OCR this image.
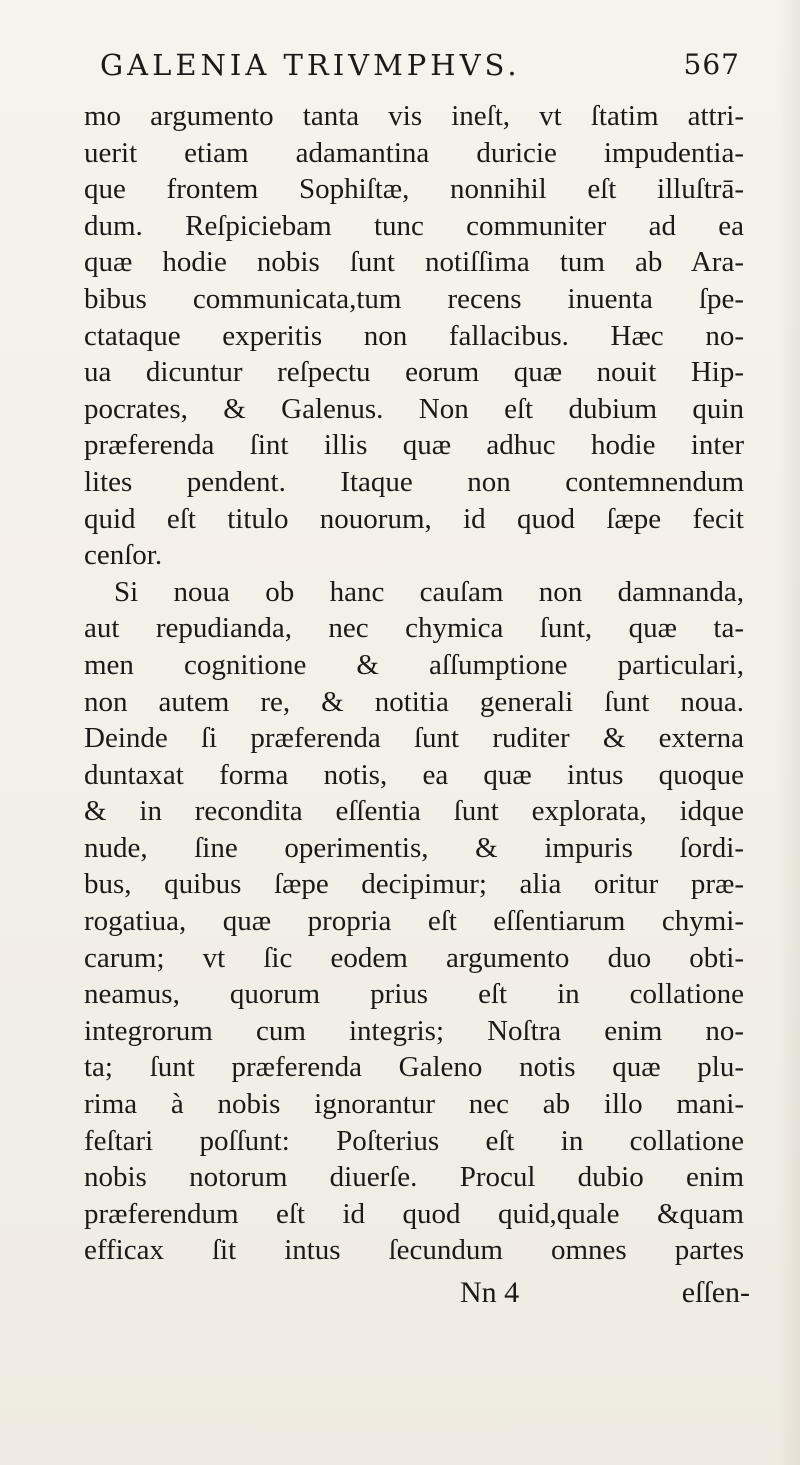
GALENIA TRIVMPHVS.	567
mo argumento tanta vis ineſt, vt ſtatim attri-
uerit etiam adamantina duricie impudentia-
que frontem Sophiſtæ, nonnihil eſt illuſtrā-
dum. Reſpiciebam tunc communiter ad ea
quæ hodie nobis ſunt notiſſima tum ab Ara-
bibus communicata,tum recens inuenta ſpe-
ctataque experitis non fallacibus. Hæc no-
ua dicuntur reſpectu eorum quæ nouit Hip-
pocrates, & Galenus. Non eſt dubium quin
præferenda ſint illis quæ adhuc hodie inter
lites pendent. Itaque non contemnendum
quid eſt titulo nouorum, id quod ſæpe fecit
cenſor.
Si noua ob hanc cauſam non damnanda,
aut repudianda, nec chymica ſunt, quæ ta-
men cognitione & aſſumptione particulari,
non autem re, & notitia generali ſunt noua.
Deinde ſi præferenda ſunt ruditer & externa
duntaxat forma notis, ea quæ intus quoque
& in recondita eſſentia ſunt explorata, idque
nude, ſine operimentis, & impuris ſordi-
bus, quibus ſæpe decipimur; alia oritur præ-
rogatiua, quæ propria eſt eſſentiarum chymi-
carum; vt ſic eodem argumento duo obti-
neamus, quorum prius eſt in collatione
integrorum cum integris; Noſtra enim no-
ta; ſunt præferenda Galeno notis quæ plu-
rima à nobis ignorantur nec ab illo mani-
feſtari poſſunt: Poſterius eſt in collatione
nobis notorum diuerſe. Procul dubio enim
præferendum eſt id quod quid,quale &quam
efficax ſit intus ſecundum omnes partes
Nn 4	eſſen-
